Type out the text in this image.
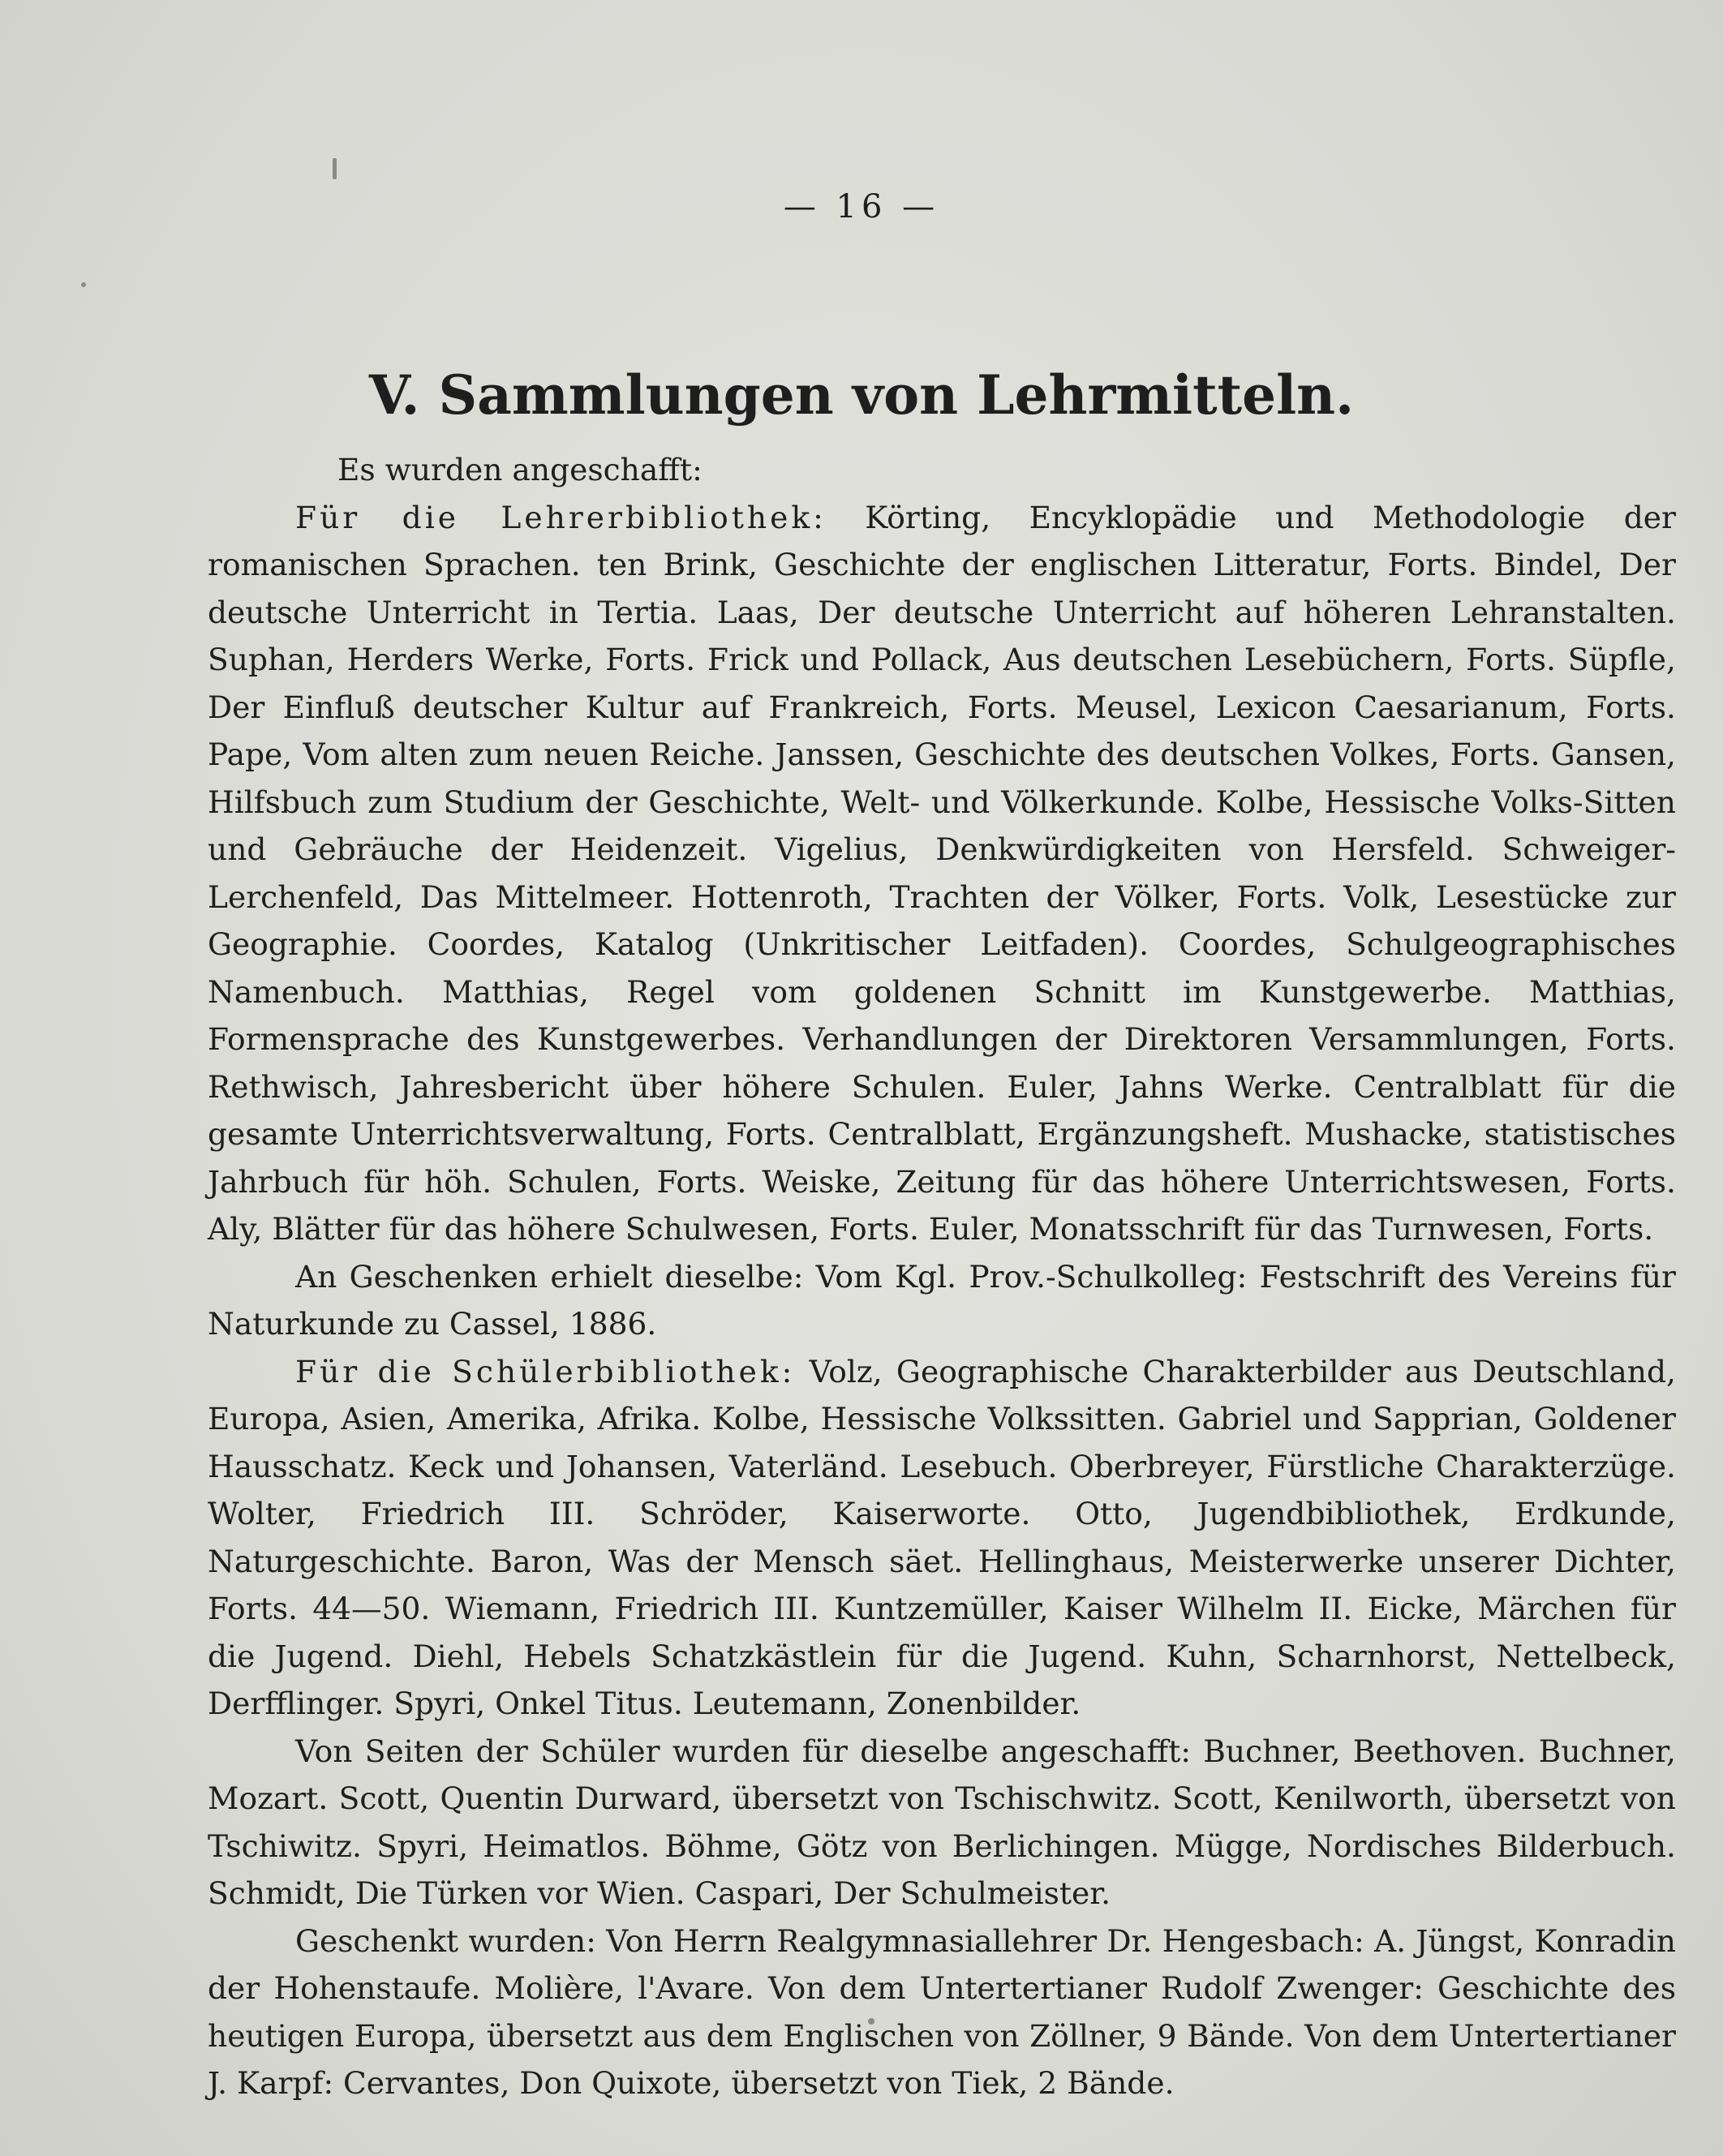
— 16 —
V. Sammlungen von Lehrmitteln.

Es wurden angeschafft:

Für die Lehrerbibliothek: Körting, Encyklopädie und Methodologie der romanischen Sprachen. ten Brink, Geschichte der englischen Litteratur, Forts. Bindel, Der deutsche Unterricht in Tertia. Laas, Der deutsche Unterricht auf höheren Lehranstalten. Suphan, Herders Werke, Forts. Frick und Pollack, Aus deutschen Lesebüchern, Forts. Süpfle, Der Einfluß deutscher Kultur auf Frankreich, Forts. Meusel, Lexicon Caesarianum, Forts. Pape, Vom alten zum neuen Reiche. Janssen, Geschichte des deutschen Volkes, Forts. Gansen, Hilfsbuch zum Studium der Geschichte, Welt- und Völkerkunde. Kolbe, Hessische Volks-Sitten und Gebräuche der Heidenzeit. Vigelius, Denkwürdigkeiten von Hersfeld. Schweiger-Lerchenfeld, Das Mittelmeer. Hottenroth, Trachten der Völker, Forts. Volk, Lesestücke zur Geographie. Coordes, Katalog (Unkritischer Leitfaden). Coordes, Schulgeographisches Namenbuch. Matthias, Regel vom goldenen Schnitt im Kunstgewerbe. Matthias, Formensprache des Kunstgewerbes. Verhandlungen der Direktoren Versammlungen, Forts. Rethwisch, Jahresbericht über höhere Schulen. Euler, Jahns Werke. Centralblatt für die gesamte Unterrichtsverwaltung, Forts. Centralblatt, Ergänzungsheft. Mushacke, statistisches Jahrbuch für höh. Schulen, Forts. Weiske, Zeitung für das höhere Unterrichtswesen, Forts. Aly, Blätter für das höhere Schulwesen, Forts. Euler, Monatsschrift für das Turnwesen, Forts.

An Geschenken erhielt dieselbe: Vom Kgl. Prov.-Schulkolleg: Festschrift des Vereins für Naturkunde zu Cassel, 1886.

Für die Schülerbibliothek: Volz, Geographische Charakterbilder aus Deutschland, Europa, Asien, Amerika, Afrika. Kolbe, Hessische Volkssitten. Gabriel und Sapprian, Goldener Hausschatz. Keck und Johansen, Vaterländ. Lesebuch. Oberbreyer, Fürstliche Charakterzüge. Wolter, Friedrich III. Schröder, Kaiserworte. Otto, Jugendbibliothek, Erdkunde, Naturgeschichte. Baron, Was der Mensch säet. Hellinghaus, Meisterwerke unserer Dichter, Forts. 44—50. Wiemann, Friedrich III. Kuntzemüller, Kaiser Wilhelm II. Eicke, Märchen für die Jugend. Diehl, Hebels Schatzkästlein für die Jugend. Kuhn, Scharnhorst, Nettelbeck, Derfflinger. Spyri, Onkel Titus. Leutemann, Zonenbilder.

Von Seiten der Schüler wurden für dieselbe angeschafft: Buchner, Beethoven. Buchner, Mozart. Scott, Quentin Durward, übersetzt von Tschischwitz. Scott, Kenilworth, übersetzt von Tschiwitz. Spyri, Heimatlos. Böhme, Götz von Berlichingen. Mügge, Nordisches Bilderbuch. Schmidt, Die Türken vor Wien. Caspari, Der Schulmeister.

Geschenkt wurden: Von Herrn Realgymnasiallehrer Dr. Hengesbach: A. Jüngst, Konradin der Hohenstaufe. Molière, l'Avare. Von dem Untertertianer Rudolf Zwenger: Geschichte des heutigen Europa, übersetzt aus dem Englischen von Zöllner, 9 Bände. Von dem Untertertianer J. Karpf: Cervantes, Don Quixote, übersetzt von Tiek, 2 Bände.
